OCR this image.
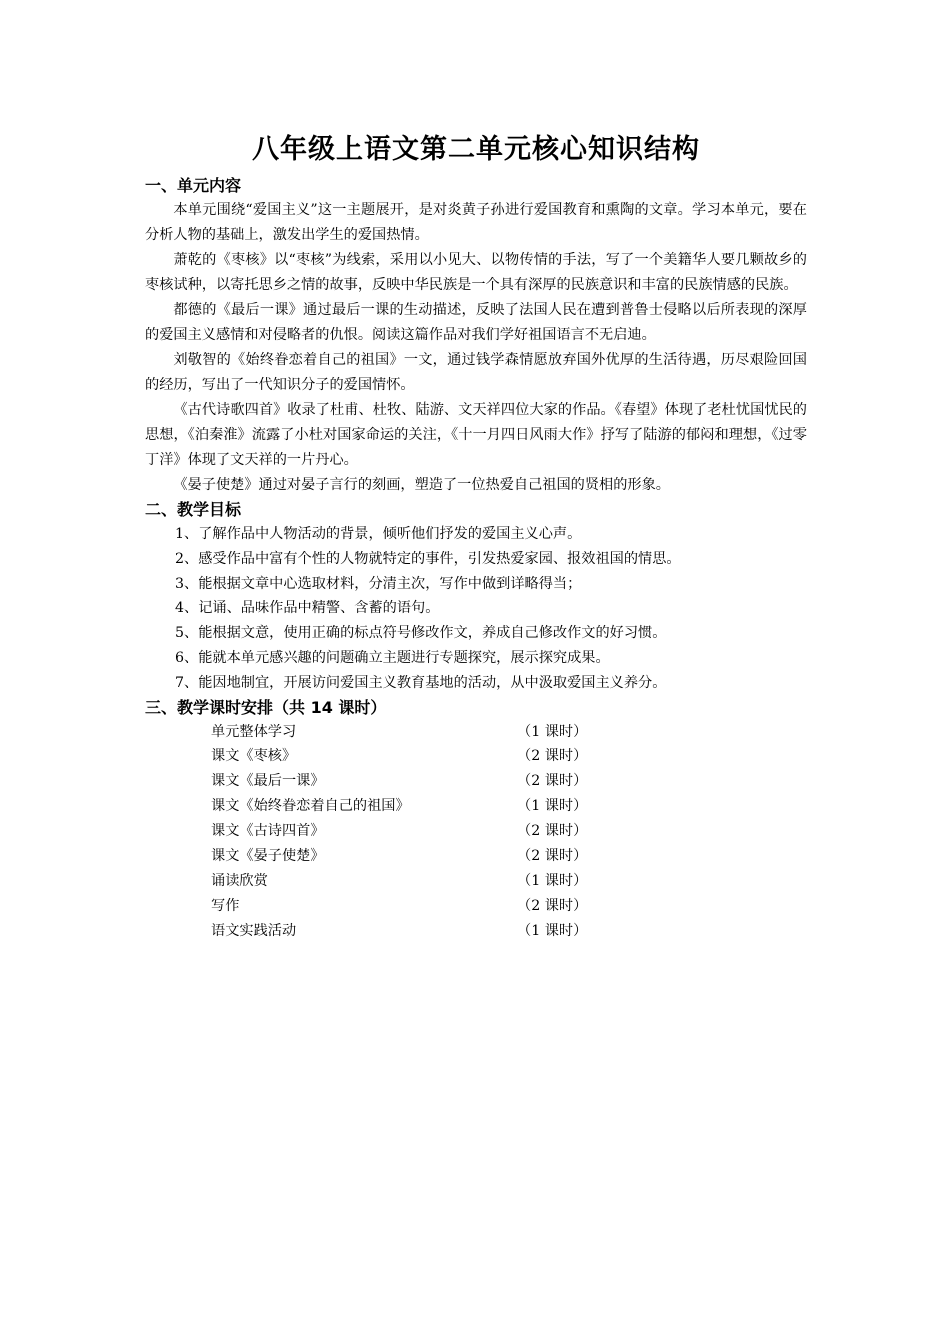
八年级上语文第二单元核心知识结构
一、单元内容

本单元围绕“爱国主义”这一主题展开，是对炎黄子孙进行爱国教育和熏陶的文章。学习本单元，要在分析人物的基础上，激发出学生的爱国热情。

萧乾的《枣核》以“枣核”为线索，采用以小见大、以物传情的手法，写了一个美籍华人要几颗故乡的枣核试种，以寄托思乡之情的故事，反映中华民族是一个具有深厚的民族意识和丰富的民族情感的民族。

都德的《最后一课》通过最后一课的生动描述，反映了法国人民在遭到普鲁士侵略以后所表现的深厚的爱国主义感情和对侵略者的仇恨。阅读这篇作品对我们学好祖国语言不无启迪。

刘敬智的《始终眷恋着自己的祖国》一文，通过钱学森情愿放弃国外优厚的生活待遇，历尽艰险回国的经历，写出了一代知识分子的爱国情怀。

《古代诗歌四首》收录了杜甫、杜牧、陆游、文天祥四位大家的作品。《春望》体现了老杜忧国忧民的思想，《泊秦淮》流露了小杜对国家命运的关注，《十一月四日风雨大作》抒写了陆游的郁闷和理想，《过零丁洋》体现了文天祥的一片丹心。

《晏子使楚》通过对晏子言行的刻画，塑造了一位热爱自己祖国的贤相的形象。

二、教学目标
1、了解作品中人物活动的背景，倾听他们抒发的爱国主义心声。
2、感受作品中富有个性的人物就特定的事件，引发热爱家园、报效祖国的情思。
3、能根据文章中心选取材料，分清主次，写作中做到详略得当；
4、记诵、品味作品中精警、含蓄的语句。
5、能根据文意，使用正确的标点符号修改作文，养成自己修改作文的好习惯。
6、能就本单元感兴趣的问题确立主题进行专题探究，展示探究成果。
7、能因地制宜，开展访问爱国主义教育基地的活动，从中汲取爱国主义养分。
三、教学课时安排（共 14 课时）
单元整体学习	（1 课时）
课文《枣核》	（2 课时）
课文《最后一课》	（2 课时）
课文《始终眷恋着自己的祖国》	（1 课时）
课文《古诗四首》	（2 课时）
课文《晏子使楚》	（2 课时）
诵读欣赏	（1 课时）
写作	（2 课时）
语文实践活动	（1 课时）
